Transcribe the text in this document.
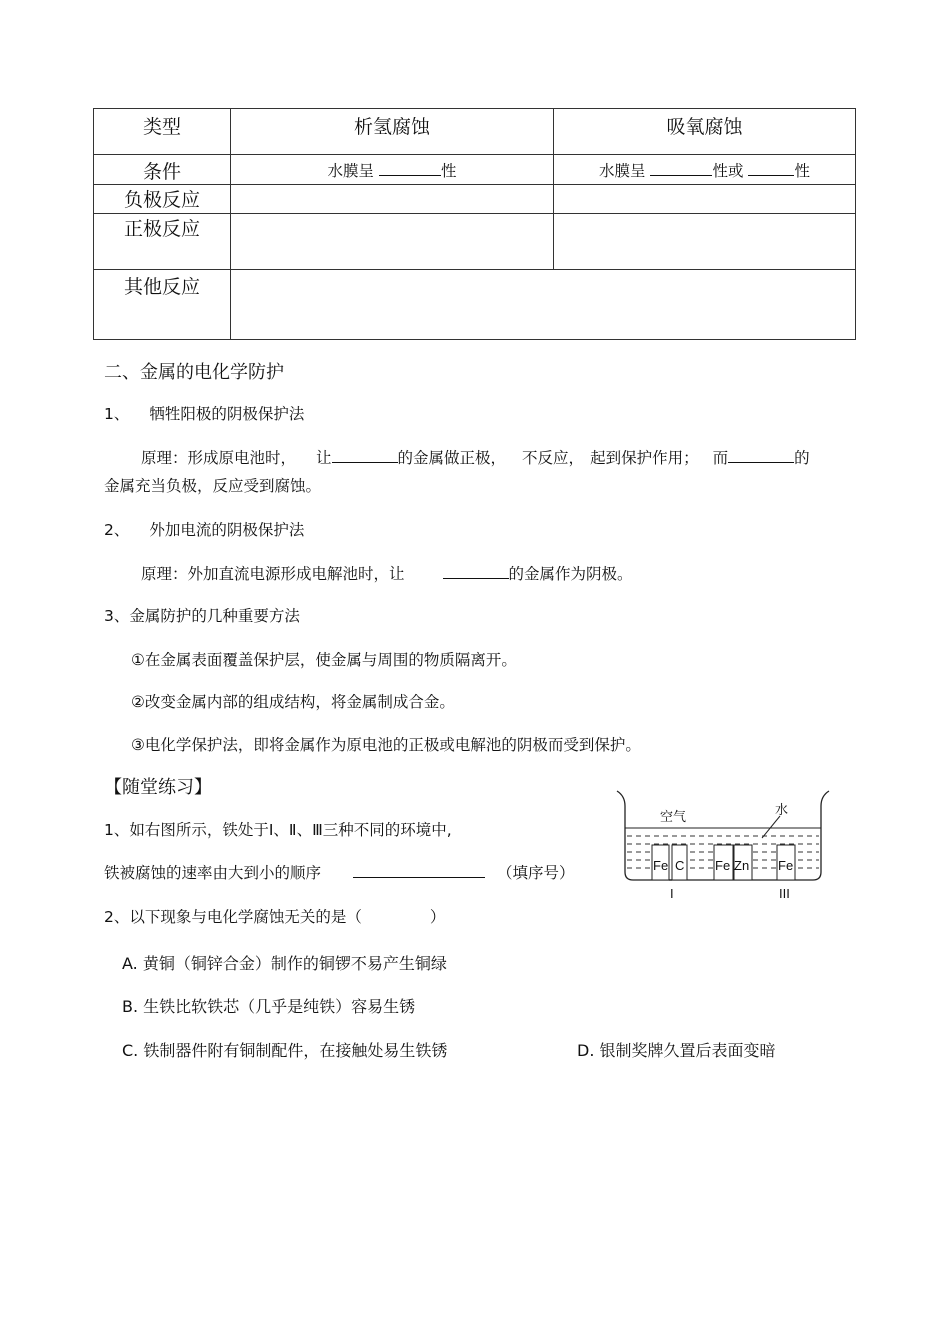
类型	析氢腐蚀	吸氧腐蚀

条件	水膜呈 性	水膜呈 性或 性

负极反应		

正极反应		

其他反应		

二、金属的电化学防护
1、 牺牲阳极的阴极保护法
原理：形成原电池时， 让	的金属做正极， 不反应， 起到保护作用； 而	的
金属充当负极，反应受到腐蚀。
2、 外加电流的阴极保护法
原理：外加直流电源形成电解池时，让	的金属作为阴极。
3、金属防护的几种重要方法
①在金属表面覆盖保护层，使金属与周围的物质隔离开。
②改变金属内部的组成结构，将金属制成合金。
③电化学保护法，即将金属作为原电池的正极或电解池的阴极而受到保护。
【随堂练习】
1、如右图所示，铁处于Ⅰ、Ⅱ、Ⅲ三种不同的环境中,
铁被腐蚀的速率由大到小的顺序	（填序号）
2、以下现象与电化学腐蚀无关的是（	）
A. 黄铜（铜锌合金）制作的铜锣不易产生铜绿
B. 生铁比软铁芯（几乎是纯铁）容易生锈
C. 铁制器件附有铜制配件，在接触处易生铁锈	D. 银制奖牌久置后表面变暗
空气	水
Fe C Fe Zn Fe
I	III
